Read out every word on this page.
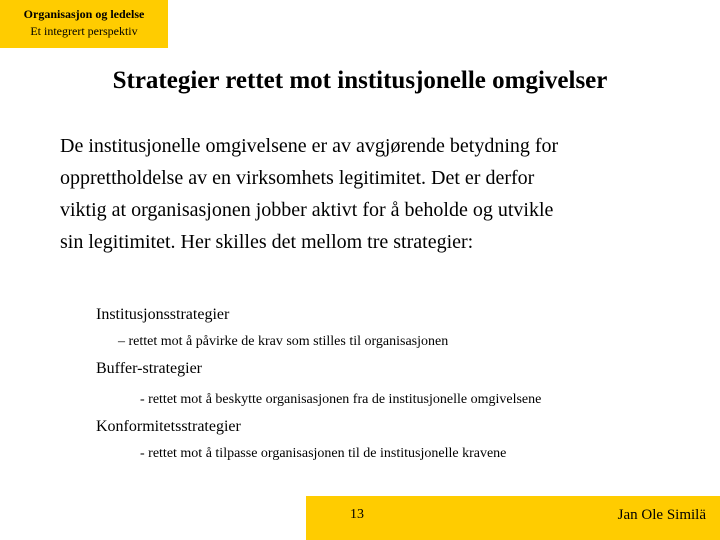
Organisasjon og ledelse
Et integrert perspektiv
Strategier rettet mot institusjonelle omgivelser
De institusjonelle omgivelsene er av avgjørende betydning for
opprettholdelse av en virksomhets legitimitet. Det er derfor
viktig at organisasjonen jobber aktivt for å beholde og utvikle
sin legitimitet. Her skilles det mellom tre strategier:
Institusjonsstrategier
– rettet mot å påvirke de krav som stilles til organisasjonen
Buffer-strategier
- rettet mot å beskytte organisasjonen fra de institusjonelle omgivelsene
Konformitetsstrategier
- rettet mot å tilpasse organisasjonen til de institusjonelle kravene
13	Jan Ole Similä
